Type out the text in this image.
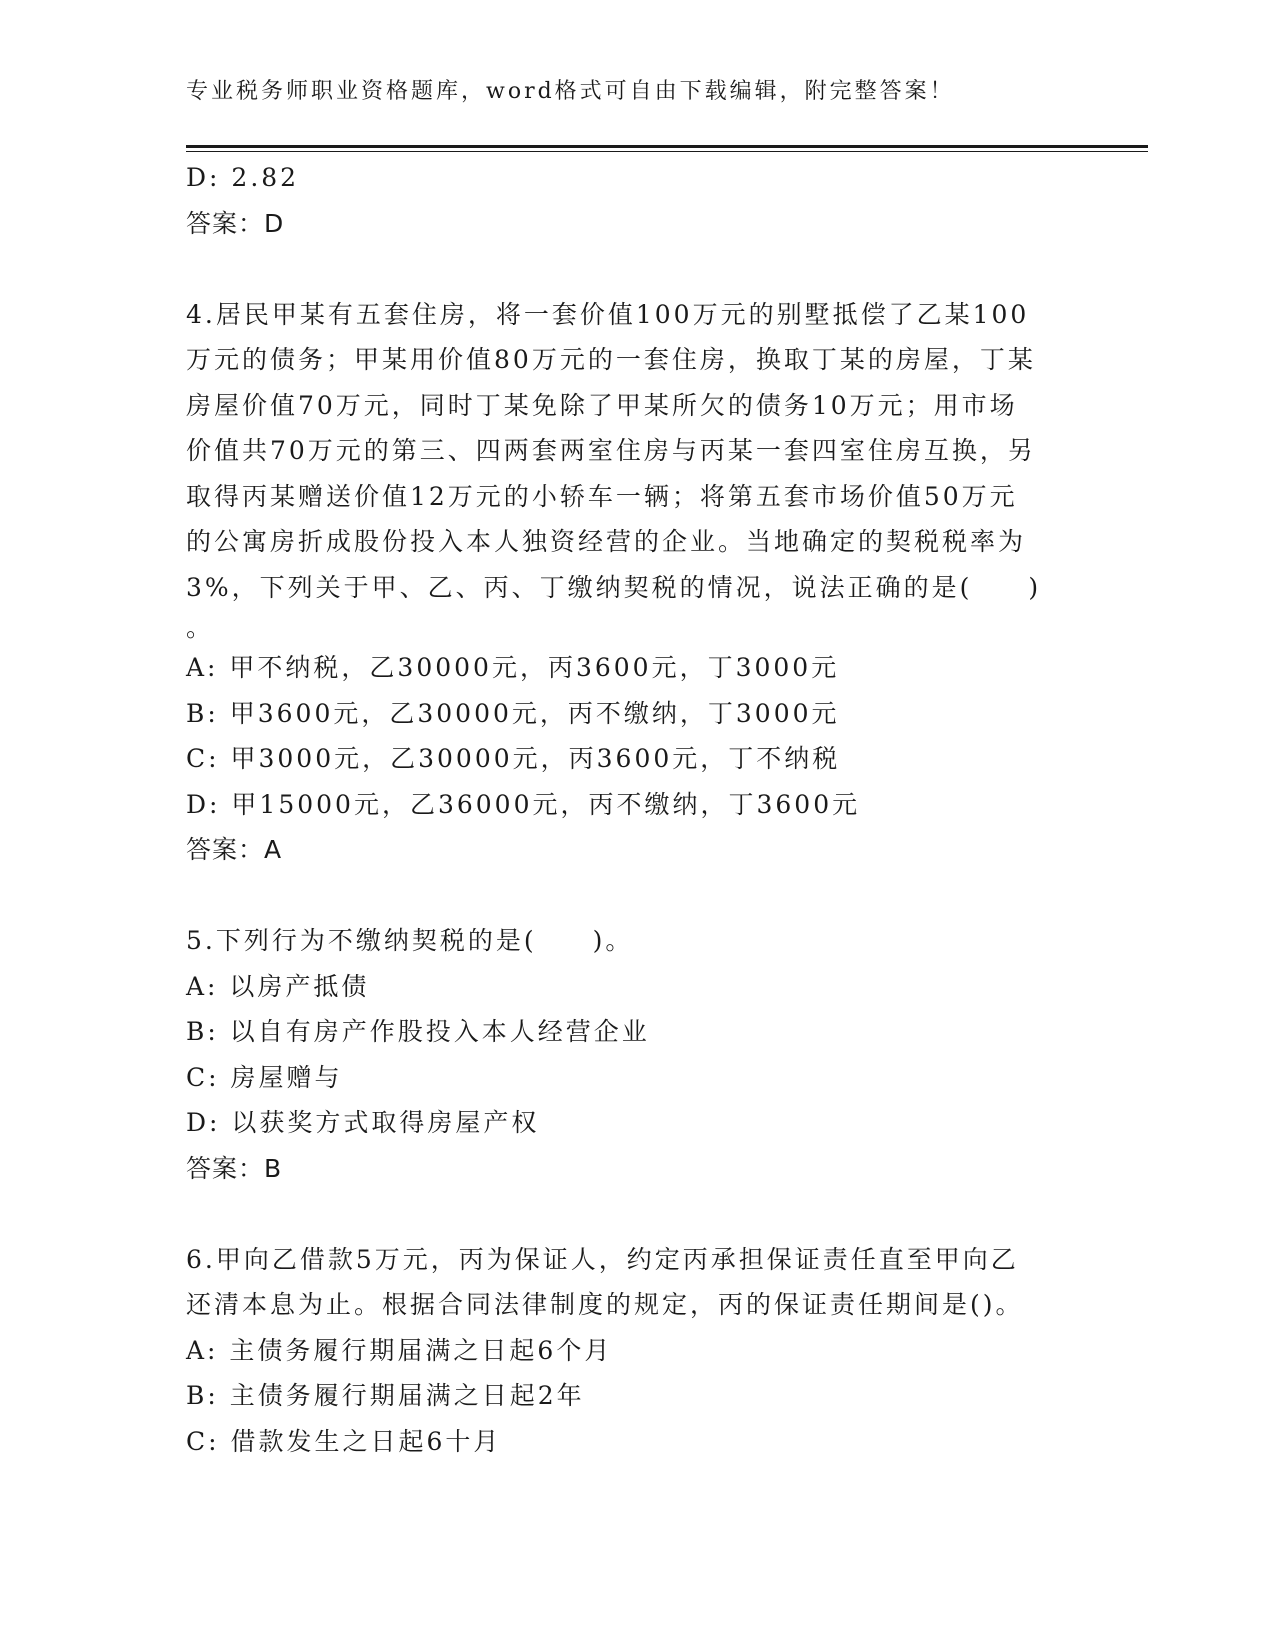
专业税务师职业资格题库，word格式可自由下载编辑，附完整答案！
D: 2.82
答案：D
4.居民甲某有五套住房，将一套价值100万元的别墅抵偿了乙某100
万元的债务；甲某用价值80万元的一套住房，换取丁某的房屋，丁某
房屋价值70万元，同时丁某免除了甲某所欠的债务10万元；用市场
价值共70万元的第三、四两套两室住房与丙某一套四室住房互换，另
取得丙某赠送价值12万元的小轿车一辆；将第五套市场价值50万元
的公寓房折成股份投入本人独资经营的企业。当地确定的契税税率为
3%，下列关于甲、乙、丙、丁缴纳契税的情况，说法正确的是(　　)
。
A: 甲不纳税，乙30000元，丙3600元，丁3000元
B: 甲3600元，乙30000元，丙不缴纳，丁3000元
C: 甲3000元，乙30000元，丙3600元，丁不纳税
D: 甲15000元，乙36000元，丙不缴纳，丁3600元
答案：A
5.下列行为不缴纳契税的是(　　)。
A: 以房产抵债
B: 以自有房产作股投入本人经营企业
C: 房屋赠与
D: 以获奖方式取得房屋产权
答案：B
6.甲向乙借款5万元，丙为保证人，约定丙承担保证责任直至甲向乙
还清本息为止。根据合同法律制度的规定，丙的保证责任期间是()。
A: 主债务履行期届满之日起6个月
B: 主债务履行期届满之日起2年
C: 借款发生之日起6十月
